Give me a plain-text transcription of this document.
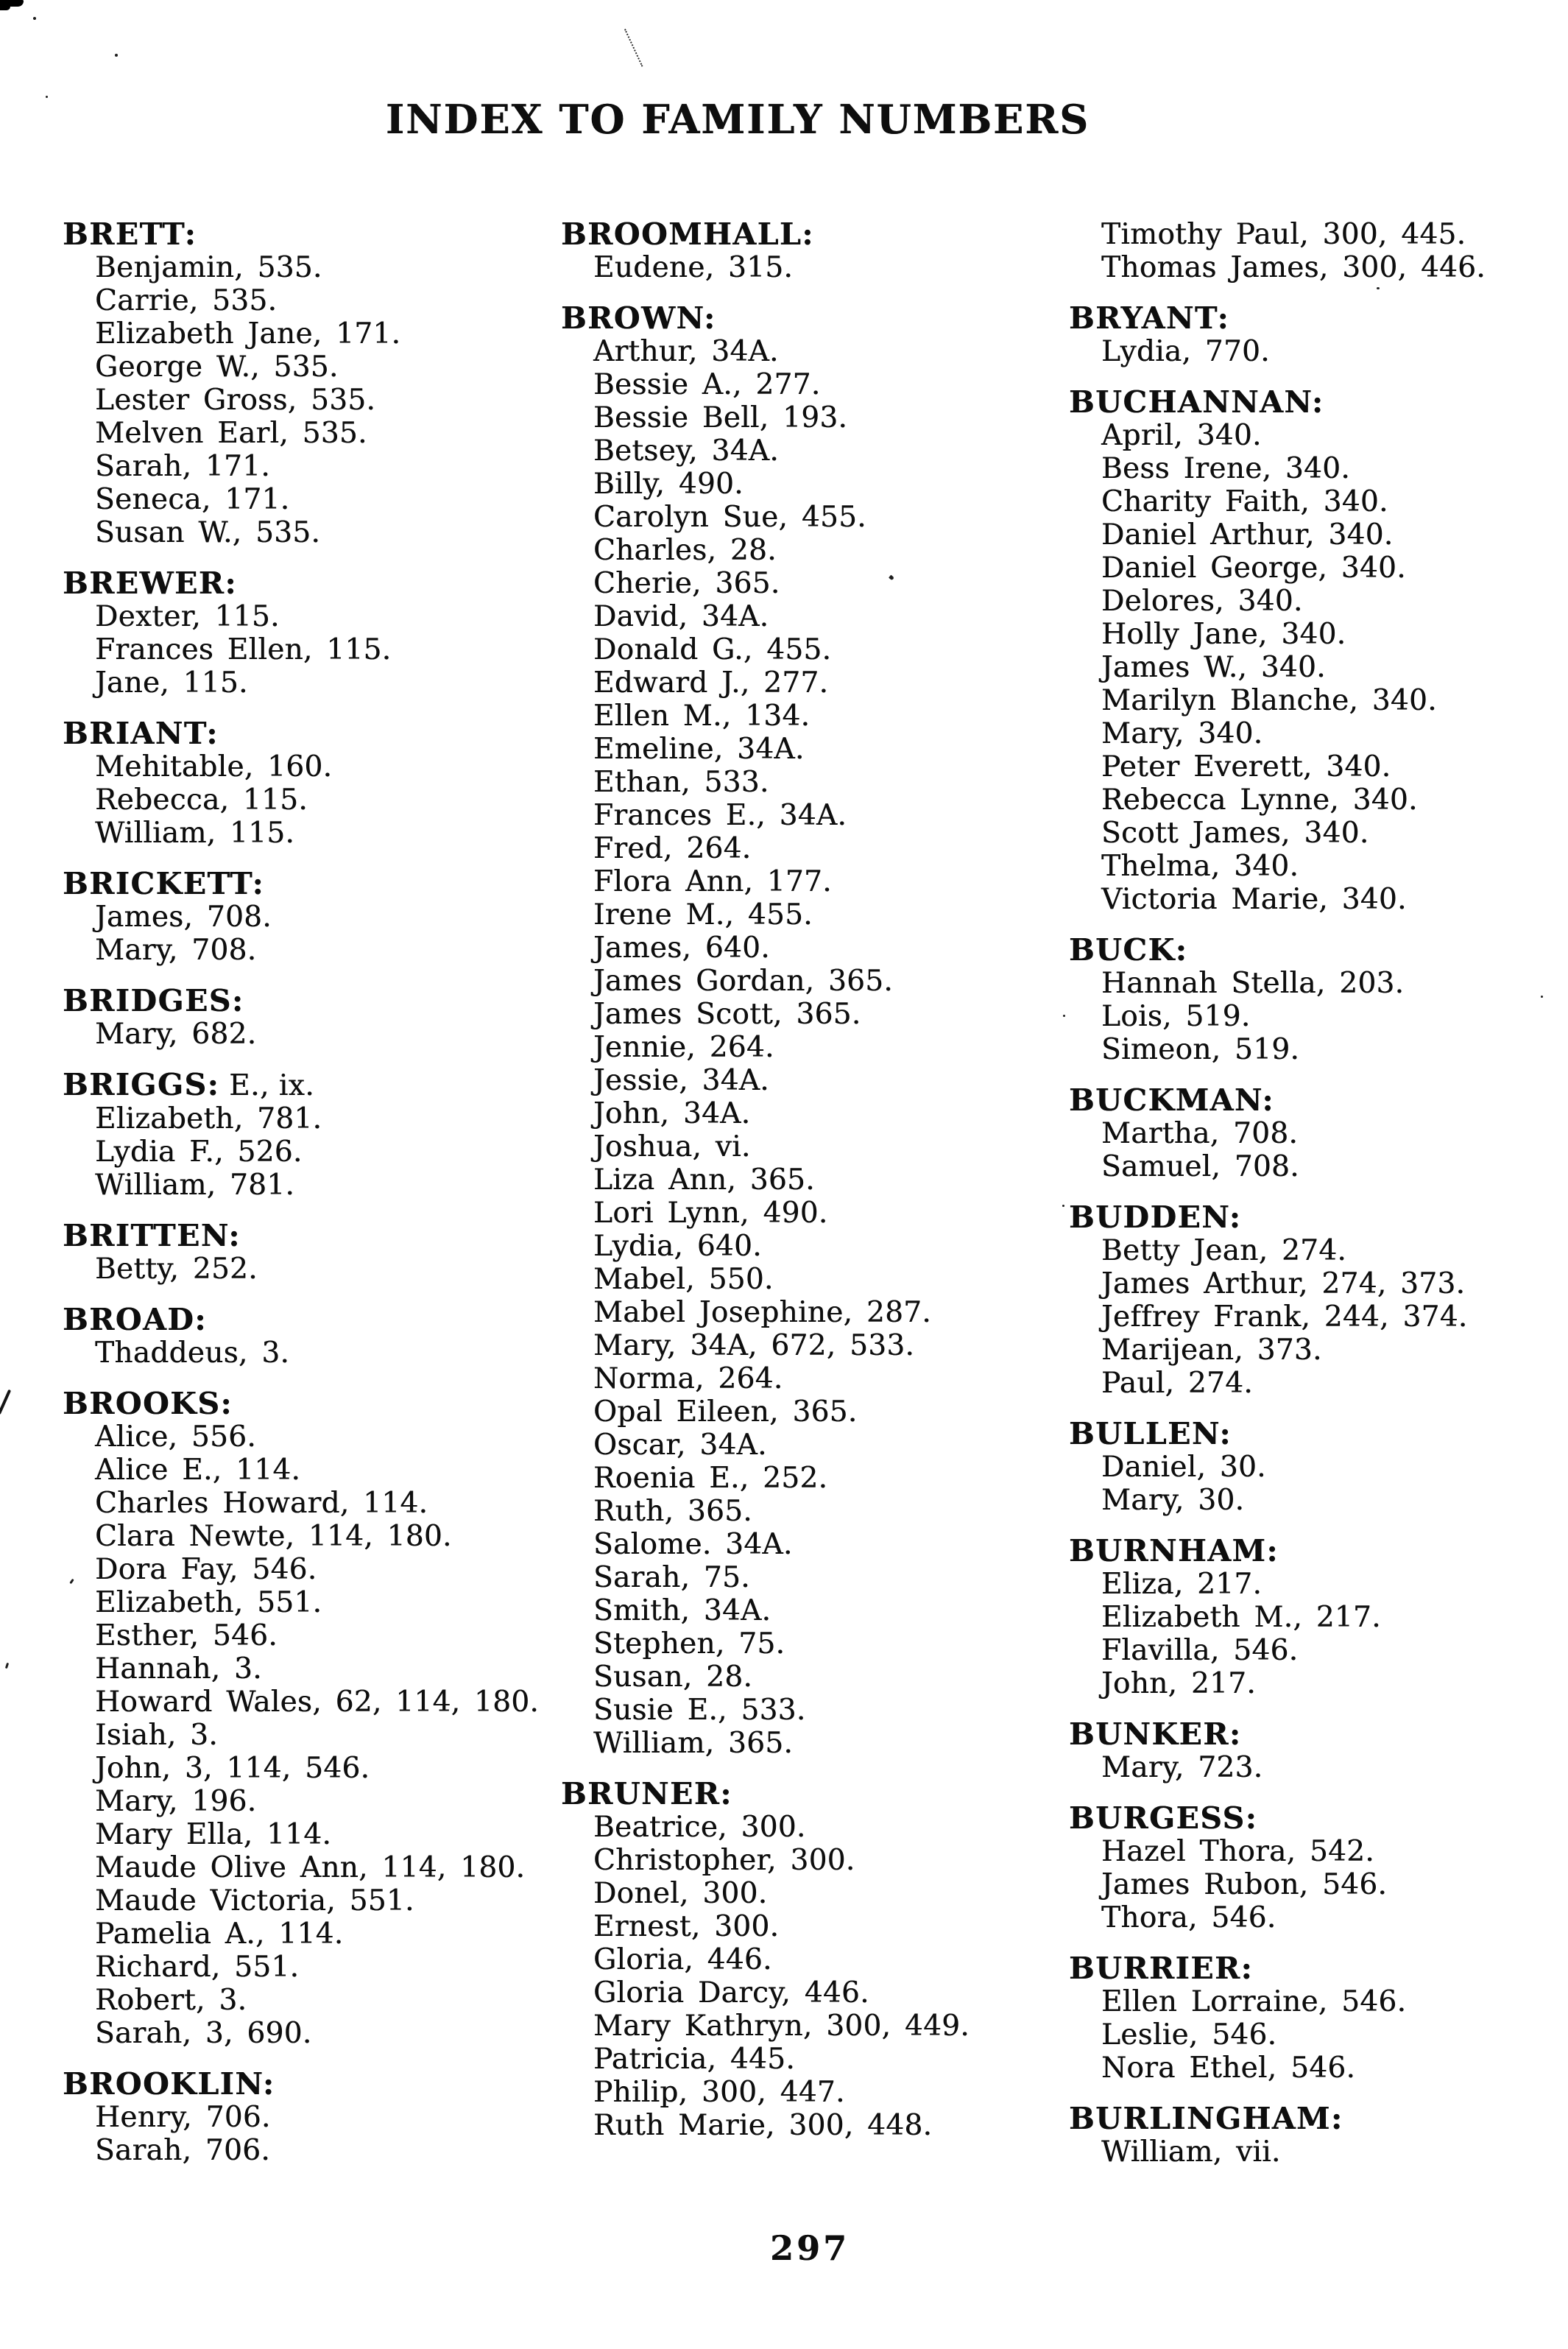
INDEX TO FAMILY NUMBERS
BRETT:
Benjamin, 535.
Carrie, 535.
Elizabeth Jane, 171.
George W., 535.
Lester Gross, 535.
Melven Earl, 535.
Sarah, 171.
Seneca, 171.
Susan W., 535.
BREWER:
Dexter, 115.
Frances Ellen, 115.
Jane, 115.
BRIANT:
Mehitable, 160.
Rebecca, 115.
William, 115.
BRICKETT:
James, 708.
Mary, 708.
BRIDGES:
Mary, 682.
BRIGGS: E., ix.
Elizabeth, 781.
Lydia F., 526.
William, 781.
BRITTEN:
Betty, 252.
BROAD:
Thaddeus, 3.
BROOKS:
Alice, 556.
Alice E., 114.
Charles Howard, 114.
Clara Newte, 114, 180.
Dora Fay, 546.
Elizabeth, 551.
Esther, 546.
Hannah, 3.
Howard Wales, 62, 114, 180.
Isiah, 3.
John, 3, 114, 546.
Mary, 196.
Mary Ella, 114.
Maude Olive Ann, 114, 180.
Maude Victoria, 551.
Pamelia A., 114.
Richard, 551.
Robert, 3.
Sarah, 3, 690.
BROOKLIN:
Henry, 706.
Sarah, 706.
BROOMHALL:
Eudene, 315.
BROWN:
Arthur, 34A.
Bessie A., 277.
Bessie Bell, 193.
Betsey, 34A.
Billy, 490.
Carolyn Sue, 455.
Charles, 28.
Cherie, 365.
David, 34A.
Donald G., 455.
Edward J., 277.
Ellen M., 134.
Emeline, 34A.
Ethan, 533.
Frances E., 34A.
Fred, 264.
Flora Ann, 177.
Irene M., 455.
James, 640.
James Gordan, 365.
James Scott, 365.
Jennie, 264.
Jessie, 34A.
John, 34A.
Joshua, vi.
Liza Ann, 365.
Lori Lynn, 490.
Lydia, 640.
Mabel, 550.
Mabel Josephine, 287.
Mary, 34A, 672, 533.
Norma, 264.
Opal Eileen, 365.
Oscar, 34A.
Roenia E., 252.
Ruth, 365.
Salome. 34A.
Sarah, 75.
Smith, 34A.
Stephen, 75.
Susan, 28.
Susie E., 533.
William, 365.
BRUNER:
Beatrice, 300.
Christopher, 300.
Donel, 300.
Ernest, 300.
Gloria, 446.
Gloria Darcy, 446.
Mary Kathryn, 300, 449.
Patricia, 445.
Philip, 300, 447.
Ruth Marie, 300, 448.
Timothy Paul, 300, 445.
Thomas James, 300, 446.
BRYANT:
Lydia, 770.
BUCHANNAN:
April, 340.
Bess Irene, 340.
Charity Faith, 340.
Daniel Arthur, 340.
Daniel George, 340.
Delores, 340.
Holly Jane, 340.
James W., 340.
Marilyn Blanche, 340.
Mary, 340.
Peter Everett, 340.
Rebecca Lynne, 340.
Scott James, 340.
Thelma, 340.
Victoria Marie, 340.
BUCK:
Hannah Stella, 203.
Lois, 519.
Simeon, 519.
BUCKMAN:
Martha, 708.
Samuel, 708.
BUDDEN:
Betty Jean, 274.
James Arthur, 274, 373.
Jeffrey Frank, 244, 374.
Marijean, 373.
Paul, 274.
BULLEN:
Daniel, 30.
Mary, 30.
BURNHAM:
Eliza, 217.
Elizabeth M., 217.
Flavilla, 546.
John, 217.
BUNKER:
Mary, 723.
BURGESS:
Hazel Thora, 542.
James Rubon, 546.
Thora, 546.
BURRIER:
Ellen Lorraine, 546.
Leslie, 546.
Nora Ethel, 546.
BURLINGHAM:
William, vii.
297
